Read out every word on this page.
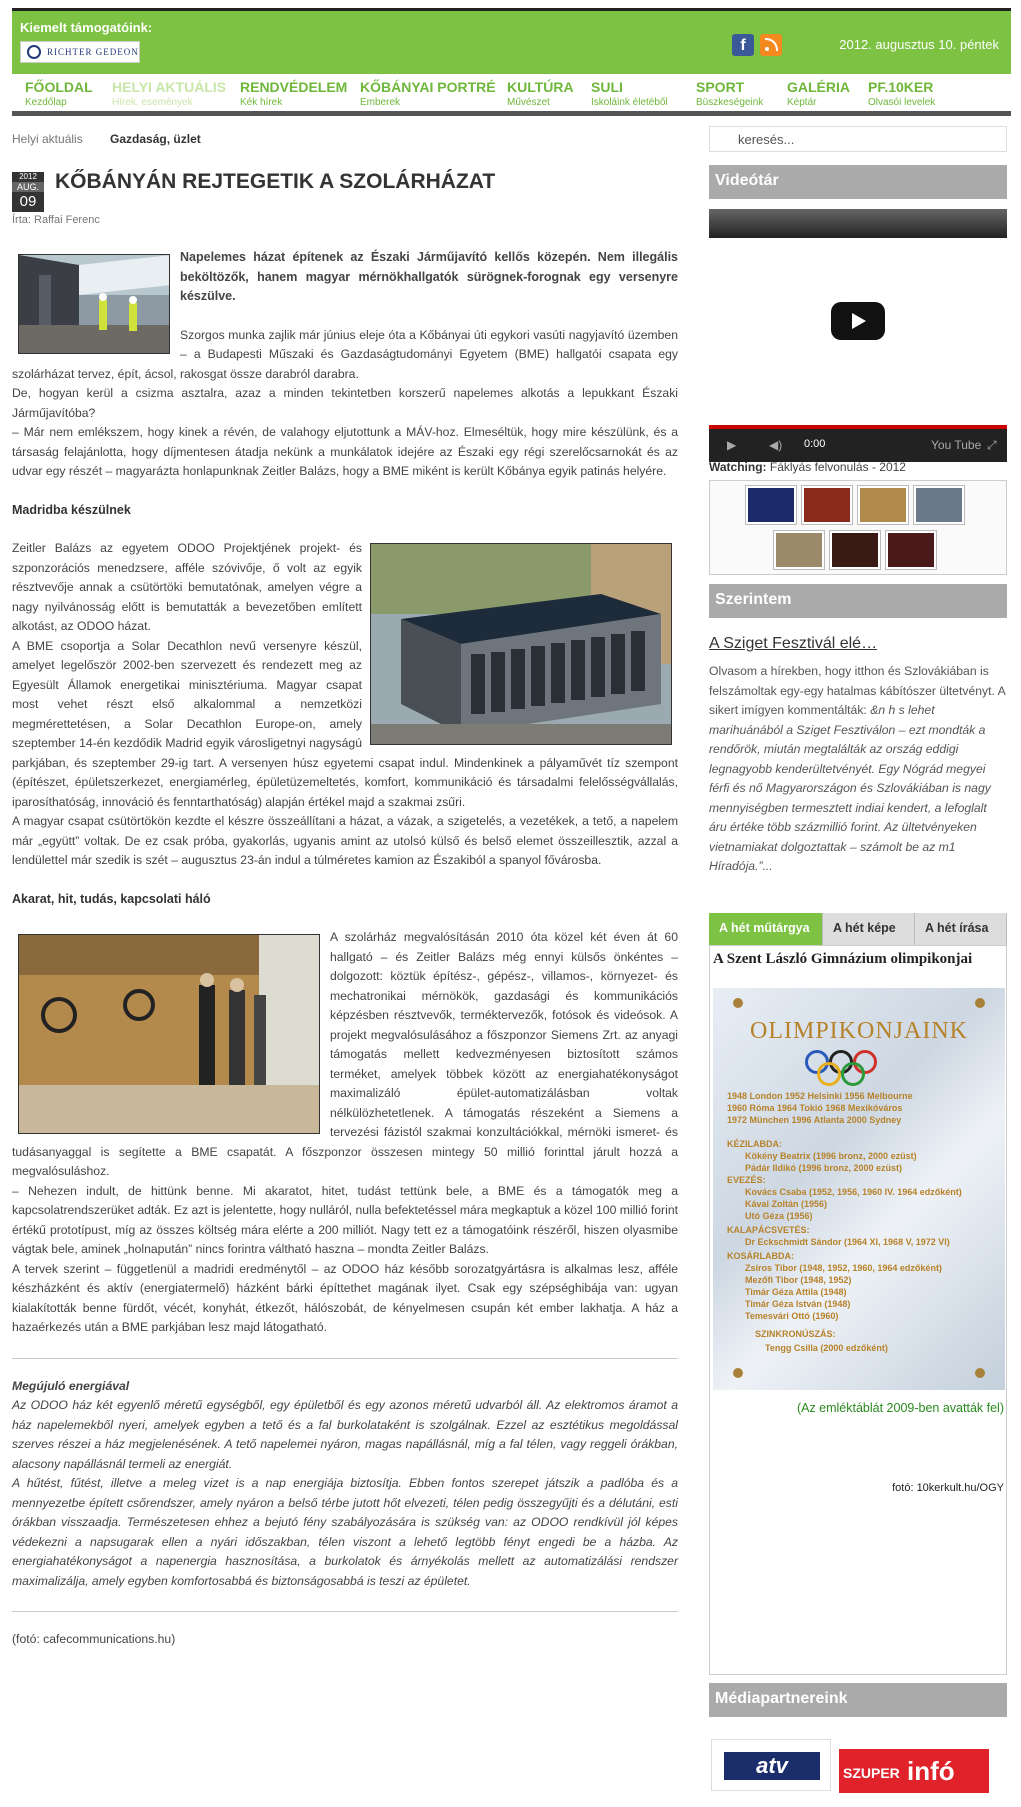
Kiemelt támogatóink:
RICHTER GEDEON	f	2012. augusztus 10. péntek
FŐOLDAL
Kezdőlap
HELYI AKTUÁLIS
Hírek, események
RENDVÉDELEM
Kék hírek
KŐBÁNYAI PORTRÉ
Emberek
KULTÚRA
Művészet
SULI
Iskoláink életéből
SPORT
Büszkeségeink
GALÉRIA
Képtár
PF.10KER
Olvasói levelek
Helyi aktuális Gazdaság, üzlet
2012
AUG.
09
KŐBÁNYÁN REJTEGETIK A SZOLÁRHÁZAT
Írta: Raffai Ferenc

Napelemes házat építenek az Északi Járműjavító kellős közepén. Nem illegális beköltözők, hanem magyar mérnökhallgatók sürögnek-forognak egy versenyre készülve.

Szorgos munka zajlik már június eleje óta a Kőbányai úti egykori vasúti nagyjavító üzemben – a Budapesti Műszaki és Gazdaságtudományi Egyetem (BME) hallgatói csapata egy szolárházat tervez, épít, ácsol, rakosgat össze darabról darabra.

De, hogyan kerül a csizma asztalra, azaz a minden tekintetben korszerű napelemes alkotás a lepukkant Északi Járműjavítóba?

– Már nem emlékszem, hogy kinek a révén, de valahogy eljutottunk a MÁV-hoz. Elmeséltük, hogy mire készülünk, és a társaság felajánlotta, hogy díjmentesen átadja nekünk a munkálatok idejére az Északi egy régi szerelőcsarnokát és az udvar egy részét – magyarázta honlapunknak Zeitler Balázs, hogy a BME miként is került Kőbánya egyik patinás helyére.

Madridba készülnek

Zeitler Balázs az egyetem ODOO Projektjének projekt- és szponzorációs menedzsere, afféle szóvivője, ő volt az egyik résztvevője annak a csütörtöki bemutatónak, amelyen végre a nagy nyilvánosság előtt is bemutatták a bevezetőben említett alkotást, az ODOO házat.

A BME csoportja a Solar Decathlon nevű versenyre készül, amelyet legelőször 2002-ben szervezett és rendezett meg az Egyesült Államok energetikai minisztériuma. Magyar csapat most vehet részt első alkalommal a nemzetközi megmérettetésen, a Solar Decathlon Europe-on, amely szeptember 14-én kezdődik Madrid egyik városligetnyi nagyságú parkjában, és szeptember 29-ig tart. A versenyen húsz egyetemi csapat indul. Mindenkinek a pályaművét tíz szempont (építészet, épületszerkezet, energiamérleg, épületüzemeltetés, komfort, kommunikáció és társadalmi felelősségvállalás, iparosíthatóság, innováció és fenntarthatóság) alapján értékel majd a szakmai zsűri.

A magyar csapat csütörtökön kezdte el készre összeállítani a házat, a vázak, a szigetelés, a vezetékek, a tető, a napelem már „együtt” voltak. De ez csak próba, gyakorlás, ugyanis amint az utolsó külső és belső elemet összeillesztik, azzal a lendülettel már szedik is szét – augusztus 23-án indul a túlméretes kamion az Északiból a spanyol fővárosba.

Akarat, hit, tudás, kapcsolati háló

A szolárház megvalósításán 2010 óta közel két éven át 60 hallgató – és Zeitler Balázs még ennyi külsős önkéntes – dolgozott: köztük építész-, gépész-, villamos-, környezet- és mechatronikai mérnökök, gazdasági és kommunikációs képzésben résztvevők, terméktervezők, fotósok és videósok. A projekt megvalósulásához a főszponzor Siemens Zrt. az anyagi támogatás mellett kedvezményesen biztosított számos terméket, amelyek többek között az energiahatékonyságot maximalizáló épület-automatizálásban voltak nélkülözhetetlenek. A támogatás részeként a Siemens a tervezési fázistól szakmai konzultációkkal, mérnöki ismeret- és tudásanyaggal is segítette a BME csapatát. A főszponzor összesen mintegy 50 millió forinttal járult hozzá a megvalósuláshoz.

– Nehezen indult, de hittünk benne. Mi akaratot, hitet, tudást tettünk bele, a BME és a támogatók meg a kapcsolatrendszerüket adták. Ez azt is jelentette, hogy nulláról, nulla befektetéssel mára megkaptuk a közel 100 millió forint értékű prototípust, míg az összes költség mára elérte a 200 milliót. Nagy tett ez a támogatóink részéről, hiszen olyasmibe vágtak bele, aminek „holnapután” nincs forintra váltható haszna – mondta Zeitler Balázs.

A tervek szerint – függetlenül a madridi eredménytől – az ODOO ház később sorozatgyártásra is alkalmas lesz, afféle készházként és aktív (energiatermelő) házként bárki építtethet magának ilyet. Csak egy szépséghibája van: ugyan kialakították benne fürdőt, vécét, konyhát, étkezőt, hálószobát, de kényelmesen csupán két ember lakhatja. A ház a hazaérkezés után a BME parkjában lesz majd látogatható.

Megújuló energiával

Az ODOO ház két egyenlő méretű egységből, egy épületből és egy azonos méretű udvarból áll. Az elektromos áramot a ház napelemekből nyeri, amelyek egyben a tető és a fal burkolataként is szolgálnak. Ezzel az esztétikus megoldással szerves részei a ház megjelenésének. A tető napelemei nyáron, magas napállásnál, míg a fal télen, vagy reggeli órákban, alacsony napállásnál termeli az energiát.

A hűtést, fűtést, illetve a meleg vizet is a nap energiája biztosítja. Ebben fontos szerepet játszik a padlóba és a mennyezetbe épített csőrendszer, amely nyáron a belső térbe jutott hőt elvezeti, télen pedig összegyűjti és a délutáni, esti órákban visszaadja. Természetesen ehhez a bejutó fény szabályozására is szükség van: az ODOO rendkívül jól képes védekezni a napsugarak ellen a nyári időszakban, télen viszont a lehető legtöbb fényt engedi be a házba. Az energiahatékonyságot a napenergia hasznosítása, a burkolatok és árnyékolás mellett az automatizálási rendszer maximalizálja, amely egyben komfortosabbá és biztonságosabbá is teszi az épületet.

(fotó: cafecommunications.hu)

keresés...
Videótár
▶	◀) 0:00	You Tube ⤢
Watching: Fáklyás felvonulás - 2012
Szerintem
A Sziget Fesztivál elé…
Olvasom a hírekben, hogy itthon és Szlovákiában is felszámoltak egy-egy hatalmas kábítószer ültetvényt. A sikert imígyen kommentálták: &n h s lehet marihuánából a Sziget Fesztiválon – ezt mondták a rendőrök, miután megtalálták az ország eddigi legnagyobb kenderültetvényét. Egy Nógrád megyei férfi és nő Magyarországon és Szlovákiában is nagy mennyiségben termesztett indiai kendert, a lefoglalt áru értéke több százmillió forint. Az ültetvényeken vietnamiakat dolgoztattak – számolt be az m1 Híradója.”...
Bővebben
A hét műtárgya	A hét képe	A hét írása
A Szent László Gimnázium olimpikonjai
OLIMPIKONJAINK
1948 London 1952 Helsinki 1956 Melbourne
1960 Róma 1964 Tokió 1968 Mexikóváros
1972 München 1996 Atlanta 2000 Sydney
KÉZILABDA:
Kökény Beatrix (1996 bronz, 2000 ezüst)
Pádár Ildikó (1996 bronz, 2000 ezüst)
EVEZÉS:
Kovács Csaba (1952, 1956, 1960 IV. 1964 edzőként)
Kávai Zoltán (1956)
Utó Géza (1956)
KALAPÁCSVETÉS:
Dr Eckschmidt Sándor (1964 XI, 1968 V, 1972 VI)
KOSÁRLABDA:
Zsíros Tibor (1948, 1952, 1960, 1964 edzőként)
Mezőfi Tibor (1948, 1952)
Timár Géza Attila (1948)
Timár Géza István (1948)
Temesvári Ottó (1960)
SZINKRONÚSZÁS:
Tengg Csilla (2000 edzőként)
(Az emléktáblát 2009-ben avatták fel)
fotó: 10kerkult.hu/OGY
Médiapartnereink
atv	SZUPER infó
